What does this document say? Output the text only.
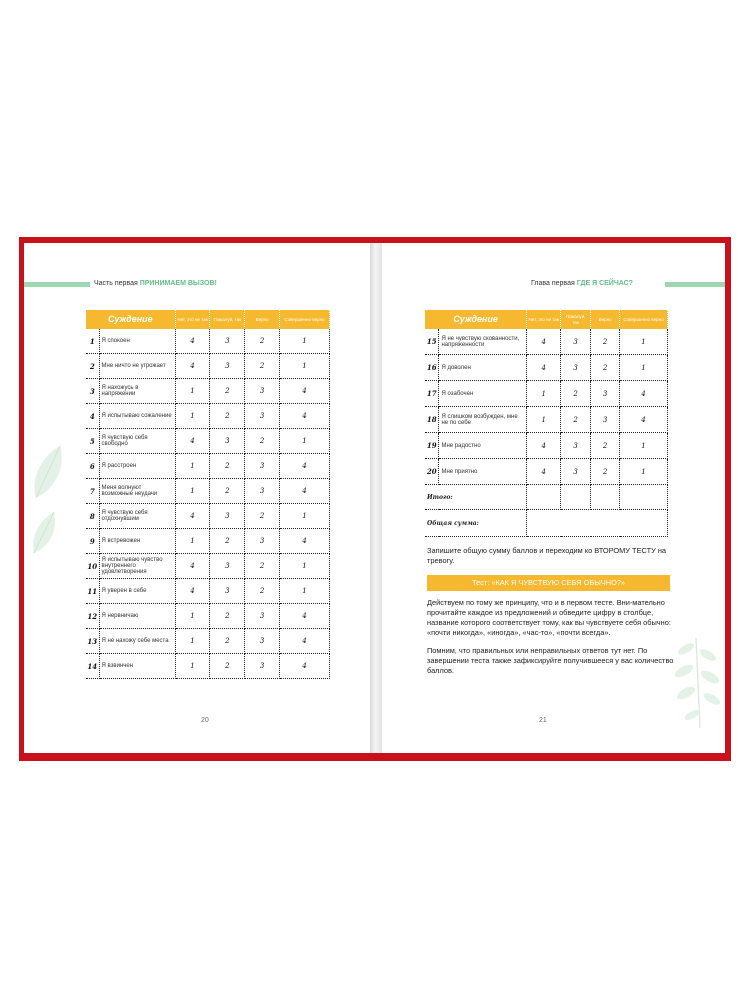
Часть первая ПРИНИМАЕМ ВЫЗОВ!
Суждение		Нет, это не так	Пожалуй, так	Верно	Совершенно верно
1	Я спокоен	4	3	2	1
2	Мне ничто не угрожает	4	3	2	1
3	Я нахожусь в напряжении	1	2	3	4
4	Я испытываю сожаление	1	2	3	4
5	Я чувствую себя свободно	4	3	2	1
6	Я расстроен	1	2	3	4
7	Меня волнуют возможные неудачи	1	2	3	4
8	Я чувствую себя отдохнувшим	4	3	2	1
9	Я встревожен	1	2	3	4
10	Я испытываю чувство внутреннего удовлетворения	4	3	2	1
11	Я уверен в себе	4	3	2	1
12	Я нервничаю	1	2	3	4
13	Я не нахожу себе места	1	2	3	4
14	Я взвинчен	1	2	3	4
20
Глава первая ГДЕ Я СЕЙЧАС?
Суждение		Нет, это не так	Пожалуй, так	Верно	Совершенно верно
15	Я не чувствую скованности, напряженности	4	3	2	1
16	Я доволен	4	3	2	1
17	Я озабочен	1	2	3	4
18	Я слишком возбужден, мне не по себе	1	2	3	4
19	Мне радостно	4	3	2	1
20	Мне приятно	4	3	2	1
Итого:					
Общая сумма:					
Запишите общую сумму баллов и переходим ко ВТОРОМУ ТЕСТУ на тревогу.
Тест: «КАК Я ЧУВСТВУЮ СЕБЯ ОБЫЧНО?»
Действуем по тому же принципу, что и в первом тесте. Вни-мательно прочитайте каждое из предложений и обведите цифру в столбце, название которого соответствует тому, как вы чувствуете себя обычно: «почти никогда», «иногда», «час-то», «почти всегда».
Помним, что правильных или неправильных ответов тут нет. По завершении теста также зафиксируйте получившееся у вас количество баллов.
21
